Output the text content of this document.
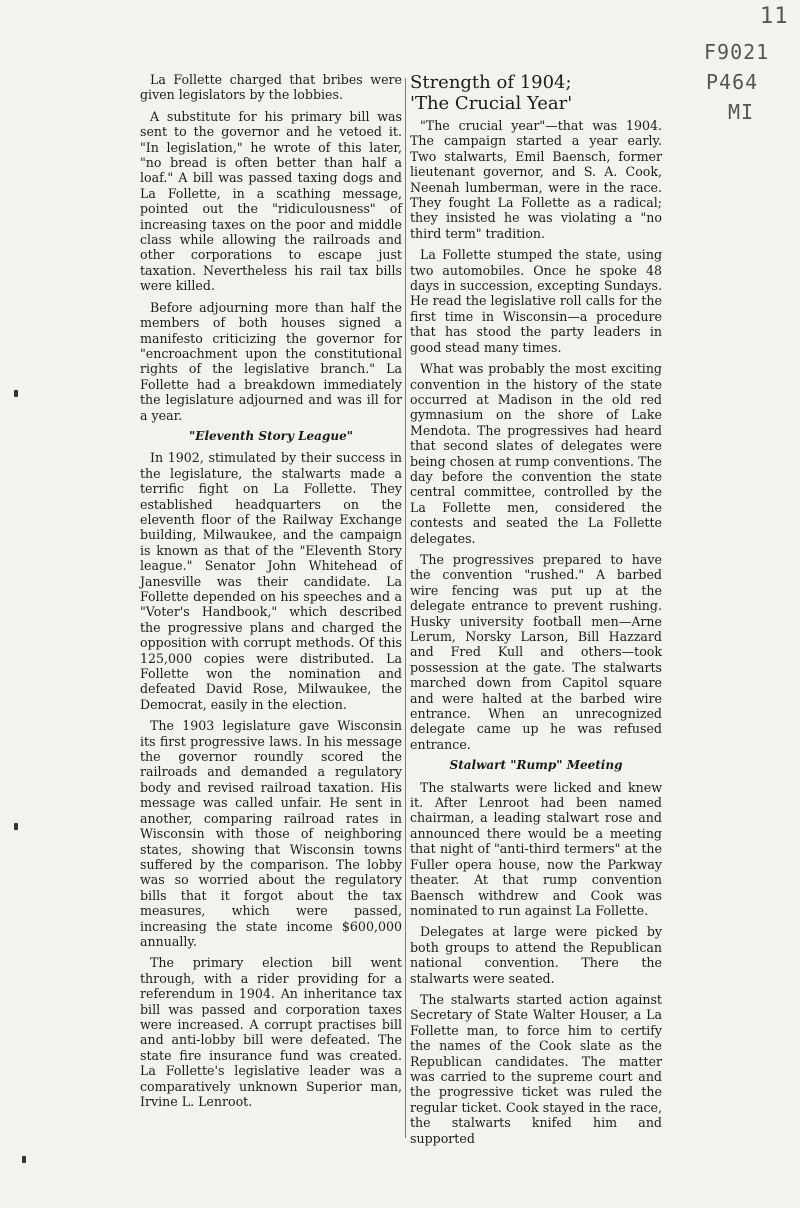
11
F9021
P464
MI

La Follette charged that bribes were given legislators by the lobbies.

A substitute for his primary bill was sent to the governor and he vetoed it. "In legislation," he wrote of this later, "no bread is often better than half a loaf." A bill was passed taxing dogs and La Follette, in a scathing message, pointed out the "ridiculousness" of increasing taxes on the poor and middle class while allowing the railroads and other corporations to escape just taxation. Nevertheless his rail tax bills were killed.

Before adjourning more than half the members of both houses signed a manifesto criticizing the governor for "encroachment upon the constitutional rights of the legislative branch." La Follette had a breakdown immediately the legislature adjourned and was ill for a year.

"Eleventh Story League"

In 1902, stimulated by their success in the legislature, the stalwarts made a terrific fight on La Follette. They established headquarters on the eleventh floor of the Railway Exchange building, Milwaukee, and the campaign is known as that of the "Eleventh Story league." Senator John Whitehead of Janesville was their candidate. La Follette depended on his speeches and a "Voter's Handbook," which described the progressive plans and charged the opposition with corrupt methods. Of this 125,000 copies were distributed. La Follette won the nomination and defeated David Rose, Milwaukee, the Democrat, easily in the election.

The 1903 legislature gave Wisconsin its first progressive laws. In his message the governor roundly scored the railroads and demanded a regulatory body and revised railroad taxation. His message was called unfair. He sent in another, comparing railroad rates in Wisconsin with those of neighboring states, showing that Wisconsin towns suffered by the comparison. The lobby was so worried about the regulatory bills that it forgot about the tax measures, which were passed, increasing the state income $600,000 annually.

The primary election bill went through, with a rider providing for a referendum in 1904. An inheritance tax bill was passed and corporation taxes were increased. A corrupt practises bill and anti-lobby bill were defeated. The state fire insurance fund was created. La Follette's legislative leader was a comparatively unknown Superior man, Irvine L. Lenroot.

Strength of 1904;
'The Crucial Year'

"The crucial year"—that was 1904. The campaign started a year early. Two stalwarts, Emil Baensch, former lieutenant governor, and S. A. Cook, Neenah lumberman, were in the race. They fought La Follette as a radical; they insisted he was violating a "no third term" tradition.

La Follette stumped the state, using two automobiles. Once he spoke 48 days in succession, excepting Sundays. He read the legislative roll calls for the first time in Wisconsin—a procedure that has stood the party leaders in good stead many times.

What was probably the most exciting convention in the history of the state occurred at Madison in the old red gymnasium on the shore of Lake Mendota. The progressives had heard that second slates of delegates were being chosen at rump conventions. The day before the convention the state central committee, controlled by the La Follette men, considered the contests and seated the La Follette delegates.

The progressives prepared to have the convention "rushed." A barbed wire fencing was put up at the delegate entrance to prevent rushing. Husky university football men—Arne Lerum, Norsky Larson, Bill Hazzard and Fred Kull and others—took possession at the gate. The stalwarts marched down from Capitol square and were halted at the barbed wire entrance. When an unrecognized delegate came up he was refused entrance.

Stalwart "Rump" Meeting

The stalwarts were licked and knew it. After Lenroot had been named chairman, a leading stalwart rose and announced there would be a meeting that night of "anti-third termers" at the Fuller opera house, now the Parkway theater. At that rump convention Baensch withdrew and Cook was nominated to run against La Follette.

Delegates at large were picked by both groups to attend the Republican national convention. There the stalwarts were seated.

The stalwarts started action against Secretary of State Walter Houser, a La Follette man, to force him to certify the names of the Cook slate as the Republican candidates. The matter was carried to the supreme court and the progressive ticket was ruled the regular ticket. Cook stayed in the race, the stalwarts knifed him and supported
